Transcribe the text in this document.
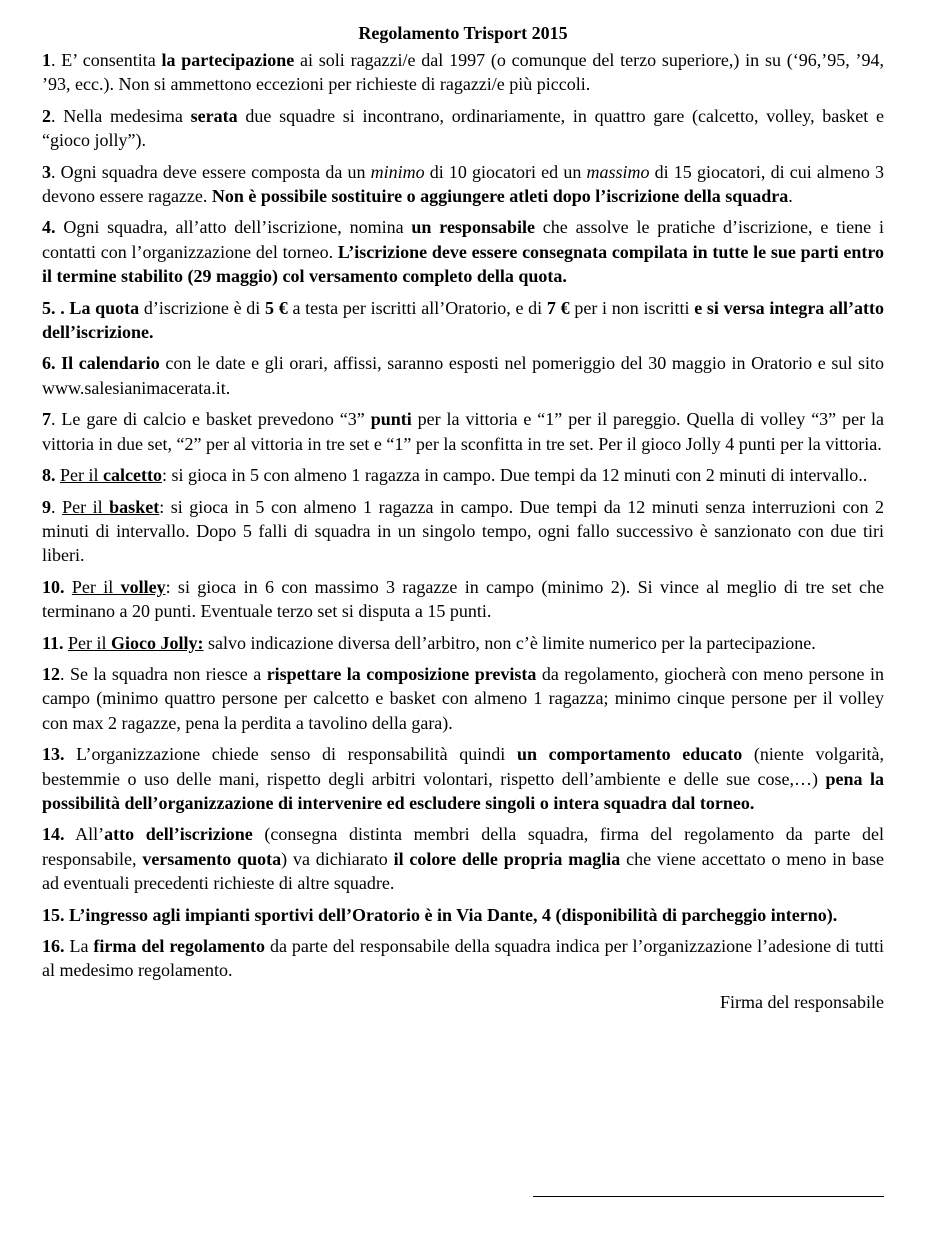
Regolamento Trisport 2015

1. E’ consentita la partecipazione ai soli ragazzi/e dal 1997 (o comunque del terzo superiore,) in su (‘96,’95, ’94, ’93, ecc.). Non si ammettono eccezioni per richieste di ragazzi/e più piccoli.

2. Nella medesima serata due squadre si incontrano, ordinariamente, in quattro gare (calcetto, volley, basket e “gioco jolly”).

3. Ogni squadra deve essere composta da un minimo di 10 giocatori ed un massimo di 15 giocatori, di cui almeno 3 devono essere ragazze. Non è possibile sostituire o aggiungere atleti dopo l’iscrizione della squadra.

4. Ogni squadra, all’atto dell’iscrizione, nomina un responsabile che assolve le pratiche d’iscrizione, e tiene i contatti con l’organizzazione del torneo. L’iscrizione deve essere consegnata compilata in tutte le sue parti entro il termine stabilito (29 maggio) col versamento completo della quota.

5. . La quota d’iscrizione è di 5 € a testa per iscritti all’Oratorio, e di 7 € per i non iscritti e si versa integra all’atto dell’iscrizione.

6. Il calendario con le date e gli orari, affissi, saranno esposti nel pomeriggio del 30 maggio in Oratorio e sul sito www.salesianimacerata.it.

7. Le gare di calcio e basket prevedono “3” punti per la vittoria e “1” per il pareggio. Quella di volley “3” per la vittoria in due set, “2” per al vittoria in tre set e “1” per la sconfitta in tre set. Per il gioco Jolly 4 punti per la vittoria.

8. Per il calcetto: si gioca in 5 con almeno 1 ragazza in campo. Due tempi da 12 minuti con 2 minuti di intervallo..

9. Per il basket: si gioca in 5 con almeno 1 ragazza in campo. Due tempi da 12 minuti senza interruzioni con 2 minuti di intervallo. Dopo 5 falli di squadra in un singolo tempo, ogni fallo successivo è sanzionato con due tiri liberi.

10. Per il volley: si gioca in 6 con massimo 3 ragazze in campo (minimo 2). Si vince al meglio di tre set che terminano a 20 punti. Eventuale terzo set si disputa a 15 punti.

11. Per il Gioco Jolly: salvo indicazione diversa dell’arbitro, non c’è limite numerico per la partecipazione.

12. Se la squadra non riesce a rispettare la composizione prevista da regolamento, giocherà con meno persone in campo (minimo quattro persone per calcetto e basket con almeno 1 ragazza; minimo cinque persone per il volley con max 2 ragazze, pena la perdita a tavolino della gara).

13. L’organizzazione chiede senso di responsabilità quindi un comportamento educato (niente volgarità, bestemmie o uso delle mani, rispetto degli arbitri volontari, rispetto dell’ambiente e delle sue cose,…) pena la possibilità dell’organizzazione di intervenire ed escludere singoli o intera squadra dal torneo.

14. All’atto dell’iscrizione (consegna distinta membri della squadra, firma del regolamento da parte del responsabile, versamento quota) va dichiarato il colore delle propria maglia che viene accettato o meno in base ad eventuali precedenti richieste di altre squadre.

15. L’ingresso agli impianti sportivi dell’Oratorio è in Via Dante, 4 (disponibilità di parcheggio interno).

16. La firma del regolamento da parte del responsabile della squadra indica per l’organizzazione l’adesione di tutti al medesimo regolamento.

Firma del responsabile
